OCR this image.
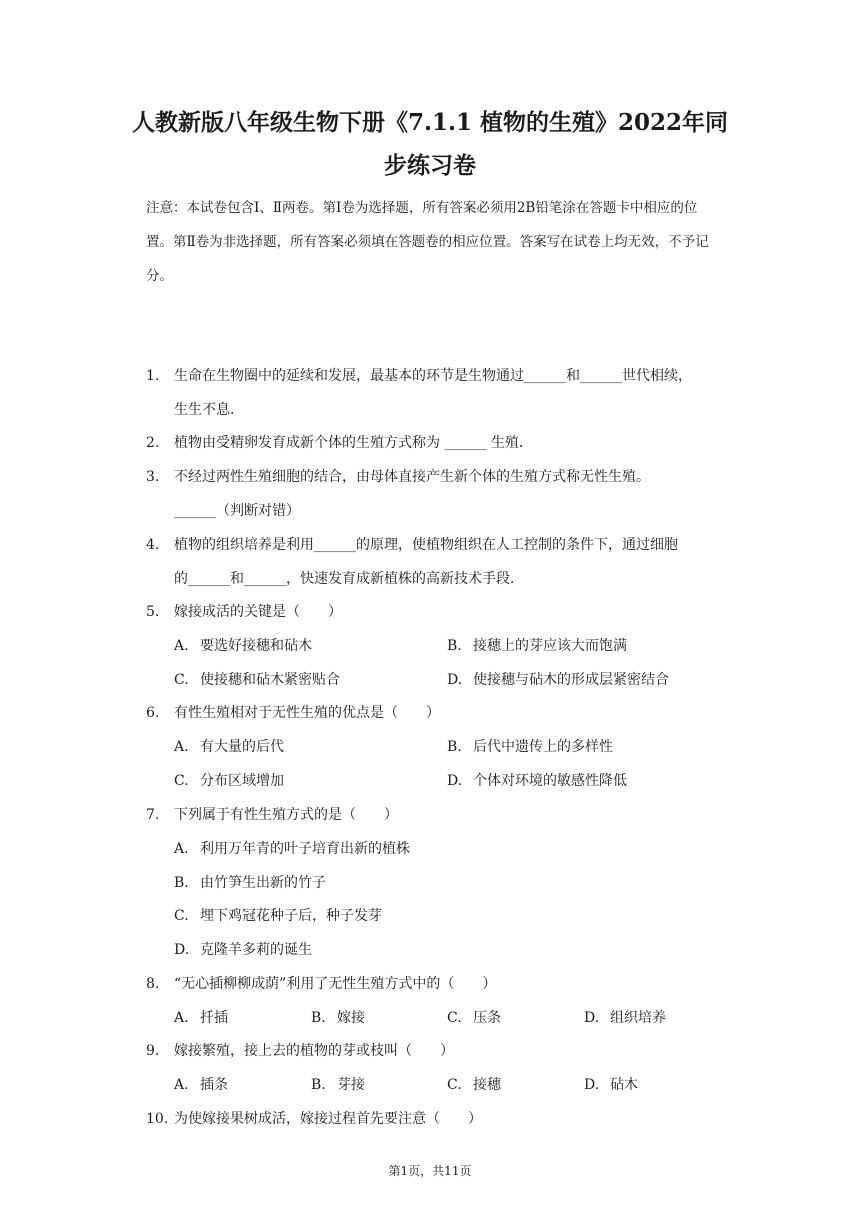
人教新版八年级生物下册《7.1.1 植物的生殖》2022年同
步练习卷
注意：本试卷包含Ⅰ、Ⅱ两卷。第Ⅰ卷为选择题，所有答案必须用2B铅笔涂在答题卡中相应的位置。第Ⅱ卷为非选择题，所有答案必须填在答题卷的相应位置。答案写在试卷上均无效，不予记分。
1. 生命在生物圈中的延续和发展，最基本的环节是生物通过______和______世代相续，
生生不息．
2. 植物由受精卵发育成新个体的生殖方式称为 ______ 生殖．
3. 不经过两性生殖细胞的结合，由母体直接产生新个体的生殖方式称无性生殖。
______（判断对错）
4. 植物的组织培养是利用______的原理，使植物组织在人工控制的条件下，通过细胞
的______和______，快速发育成新植株的高新技术手段．
5. 嫁接成活的关键是（　　）
A. 要选好接穗和砧木	B. 接穗上的芽应该大而饱满
C. 使接穗和砧木紧密贴合	D. 使接穗与砧木的形成层紧密结合
6. 有性生殖相对于无性生殖的优点是（　　）
A. 有大量的后代	B. 后代中遗传上的多样性
C. 分布区域增加	D. 个体对环境的敏感性降低
7. 下列属于有性生殖方式的是（　　）
A. 利用万年青的叶子培育出新的植株
B. 由竹笋生出新的竹子
C. 埋下鸡冠花种子后，种子发芽
D. 克隆羊多莉的诞生
8. “无心插柳柳成荫”利用了无性生殖方式中的（　　）
A. 扦插	B. 嫁接	C. 压条	D. 组织培养
9. 嫁接繁殖，接上去的植物的芽或枝叫（　　）
A. 插条	B. 芽接	C. 接穗	D. 砧木
10. 为使嫁接果树成活，嫁接过程首先要注意（　　）
第1页，共11页
